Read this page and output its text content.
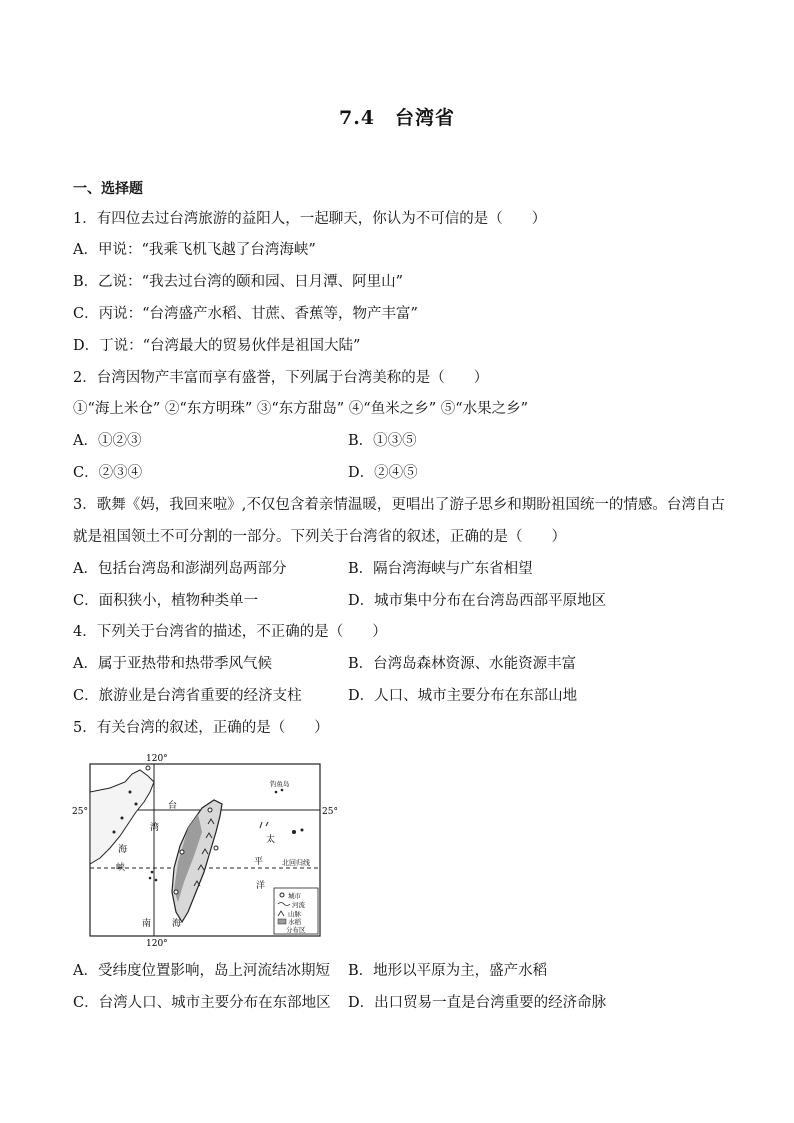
7.4　台湾省
一、选择题
1．有四位去过台湾旅游的益阳人，一起聊天，你认为不可信的是（　　）
A．甲说：“我乘飞机飞越了台湾海峡”
B．乙说：“我去过台湾的颐和园、日月潭、阿里山”
C．丙说：“台湾盛产水稻、甘蔗、香蕉等，物产丰富”
D．丁说：“台湾最大的贸易伙伴是祖国大陆”
2．台湾因物产丰富而享有盛誉，下列属于台湾美称的是（　　）
①“海上米仓” ②“东方明珠” ③“东方甜岛” ④“鱼米之乡” ⑤“水果之乡”
A．①②③	B．①③⑤
C．②③④	D．②④⑤
3．歌舞《妈，我回来啦》,不仅包含着亲情温暖，更唱出了游子思乡和期盼祖国统一的情感。台湾自古
就是祖国领土不可分割的一部分。下列关于台湾省的叙述，正确的是（　　）
A．包括台湾岛和澎湖列岛两部分	B．隔台湾海峡与广东省相望
C．面积狭小，植物种类单一	D．城市集中分布在台湾岛西部平原地区
4．下列关于台湾省的描述，不正确的是（　　）
A．属于亚热带和热带季风气候	B．台湾岛森林资源、水能资源丰富
C．旅游业是台湾省重要的经济支柱	D．人口、城市主要分布在东部山地
5．有关台湾的叙述，正确的是（　　）
120°
120°
25°	25°
台
湾
海
峡
太
平
洋
南 海
北回归线
钓鱼岛
城市
河流
山脉
水稻
分布区
A．受纬度位置影响，岛上河流结冰期短 B．地形以平原为主，盛产水稻
C．台湾人口、城市主要分布在东部地区 D．出口贸易一直是台湾重要的经济命脉
